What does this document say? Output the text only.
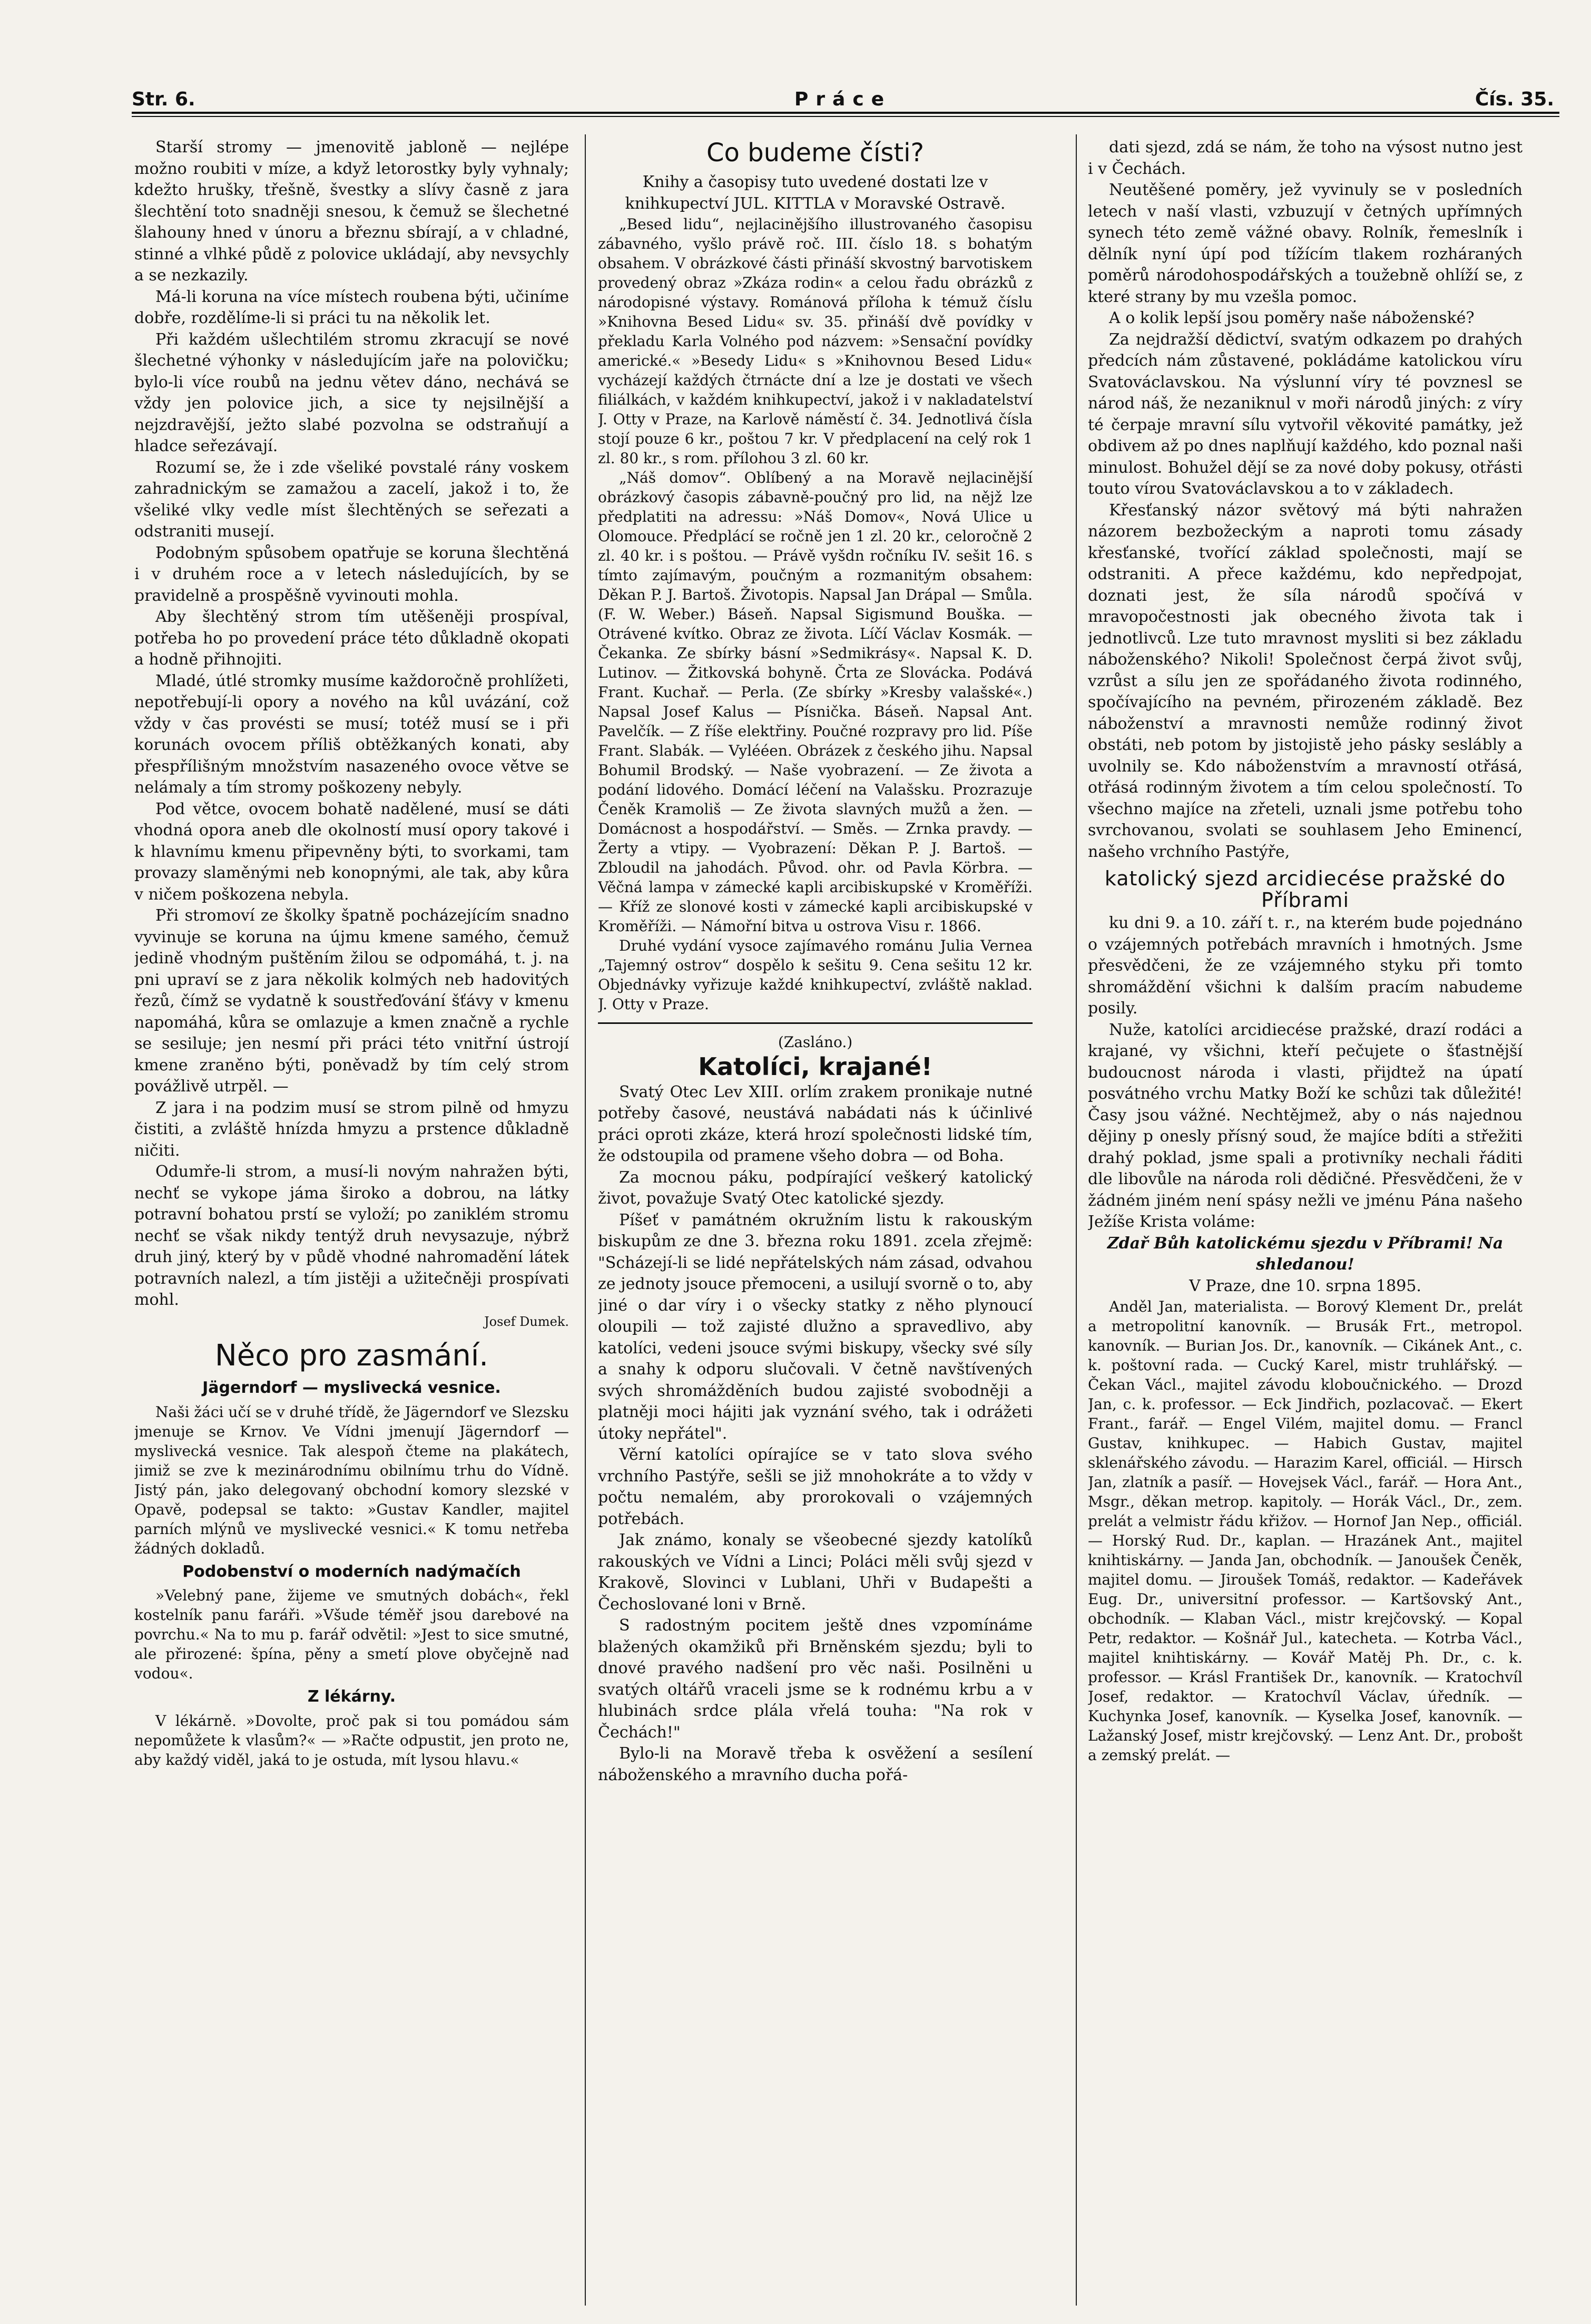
Str. 6.	Práce	Čís. 35.

Starší stromy — jmenovitě jabloně — nejlépe možno roubiti v míze, a když letorostky byly vyhnaly; kdežto hrušky, třešně, švestky a slívy časně z jara šlechtění toto snadněji snesou, k čemuž se šlechetné šlahouny hned v únoru a březnu sbírají, a v chladné, stinné a vlhké půdě z polovice ukládají, aby nevsychly a se nezkazily.

Má-li koruna na více místech roubena býti, učiníme dobře, rozdělíme-li si práci tu na několik let.

Při každém ušlechtilém stromu zkracují se nové šlechetné výhonky v následujícím jaře na polovičku; bylo-li více roubů na jednu větev dáno, nechává se vždy jen polovice jich, a sice ty nejsilnější a nejzdravější, ježto slabé pozvolna se odstraňují a hladce seřezávají.

Rozumí se, že i zde všeliké povstalé rány voskem zahradnickým se zamažou a zacelí, jakož i to, že všeliké vlky vedle míst šlechtěných se seřezati a odstraniti musejí.

Podobným spůsobem opatřuje se koruna šlechtěná i v druhém roce a v letech následujících, by se pravidelně a prospěšně vyvinouti mohla.

Aby šlechtěný strom tím utěšeněji prospíval, potřeba ho po provedení práce této důkladně okopati a hodně přihnojiti.

Mladé, útlé stromky musíme každoročně prohlížeti, nepotřebují-li opory a nového na kůl uvázání, což vždy v čas provésti se musí; totéž musí se i při korunách ovocem příliš obtěžkaných konati, aby přespřílišným množstvím nasazeného ovoce větve se nelámaly a tím stromy poškozeny nebyly.

Pod větce, ovocem bohatě nadělené, musí se dáti vhodná opora aneb dle okolností musí opory takové i k hlavnímu kmenu připevněny býti, to svorkami, tam provazy slaměnými neb konopnými, ale tak, aby kůra v ničem poškozena nebyla.

Při stromoví ze školky špatně pocházejícím snadno vyvinuje se koruna na újmu kmene samého, čemuž jedině vhodným puštěním žilou se odpomáhá, t. j. na pni upraví se z jara několik kolmých neb hadovitých řezů, čímž se vydatně k soustřeďování šťávy v kmenu napomáhá, kůra se omlazuje a kmen značně a rychle se sesiluje; jen nesmí při práci této vnitřní ústrojí kmene zraněno býti, poněvadž by tím celý strom povážlivě utrpěl. —

Z jara i na podzim musí se strom pilně od hmyzu čistiti, a zvláště hnízda hmyzu a prstence důkladně ničiti.

Odumře-li strom, a musí-li novým nahražen býti, nechť se vykope jáma široko a dobrou, na látky potravní bohatou prstí se vyloží; po zaniklém stromu nechť se však nikdy tentýž druh nevysazuje, nýbrž druh jiný, který by v půdě vhodné nahromadění látek potravních nalezl, a tím jistěji a užitečněji prospívati mohl.

Josef Dumek.
Něco pro zasmání.
Jägerndorf — myslivecká vesnice.

Naši žáci učí se v druhé třídě, že Jägerndorf ve Slezsku jmenuje se Krnov. Ve Vídni jmenují Jägerndorf — myslivecká vesnice. Tak alespoň čteme na plakátech, jimiž se zve k mezinárodnímu obilnímu trhu do Vídně. Jistý pán, jako delegovaný obchodní komory slezské v Opavě, podepsal se takto: »Gustav Kandler, majitel parních mlýnů ve myslivecké vesnici.« K tomu netřeba žádných dokladů.

Podobenství o moderních nadýmačích

»Velebný pane, žijeme ve smutných dobách«, řekl kostelník panu faráři. »Všude téměř jsou darebové na povrchu.« Na to mu p. farář odvětil: »Jest to sice smutné, ale přirozené: špína, pěny a smetí plove obyčejně nad vodou«.

Z lékárny.

V lékárně. »Dovolte, proč pak si tou pomádou sám nepomůžete k vlasům?« — »Račte odpustit, jen proto ne, aby každý viděl, jaká to je ostuda, mít lysou hlavu.«

Co budeme čísti?

Knihy a časopisy tuto uvedené dostati lze v knihkupectví JUL. KITTLA v Moravské Ostravě.

„Besed lidu“, nejlacinějšího illustrovaného časopisu zábavného, vyšlo právě roč. III. číslo 18. s bohatým obsahem. V obrázkové části přináší skvostný barvotiskem provedený obraz »Zkáza rodin« a celou řadu obrázků z národopisné výstavy. Románová příloha k témuž číslu »Knihovna Besed Lidu« sv. 35. přináší dvě povídky v překladu Karla Volného pod názvem: »Sensační povídky americké.« »Besedy Lidu« s »Knihovnou Besed Lidu« vycházejí každých čtrnácte dní a lze je dostati ve všech filiálkách, v každém knihkupectví, jakož i v nakladatelství J. Otty v Praze, na Karlově náměstí č. 34. Jednotlivá čísla stojí pouze 6 kr., poštou 7 kr. V předplacení na celý rok 1 zl. 80 kr., s rom. přílohou 3 zl. 60 kr.

„Náš domov“. Oblíbený a na Moravě nejlacinější obrázkový časopis zábavně-poučný pro lid, na nějž lze předplatiti na adressu: »Náš Domov«, Nová Ulice u Olomouce. Předplácí se ročně jen 1 zl. 20 kr., celoročně 2 zl. 40 kr. i s poštou. — Právě vyšdn ročníku IV. sešit 16. s tímto zajímavým, poučným a rozmanitým obsahem: Děkan P. J. Bartoš. Životopis. Napsal Jan Drápal — Smůla. (F. W. Weber.) Báseň. Napsal Sigismund Bouška. — Otrávené kvítko. Obraz ze života. Líčí Václav Kosmák. — Čekanka. Ze sbírky básní »Sedmikrásy«. Napsal K. D. Lutinov. — Žitkovská bohyně. Črta ze Slovácka. Podává Frant. Kuchař. — Perla. (Ze sbírky »Kresby valašské«.) Napsal Josef Kalus — Písnička. Báseň. Napsal Ant. Pavelčík. — Z říše elektřiny. Poučné rozpravy pro lid. Píše Frant. Slabák. — Vylééen. Obrázek z českého jihu. Napsal Bohumil Brodský. — Naše vyobrazení. — Ze života a podání lidového. Domácí léčení na Valašsku. Prozrazuje Čeněk Kramoliš — Ze života slavných mužů a žen. — Domácnost a hospodářství. — Směs. — Zrnka pravdy. — Žerty a vtipy. — Vyobrazení: Děkan P. J. Bartoš. — Zbloudil na jahodách. Původ. ohr. od Pavla Körbra. — Věčná lampa v zámecké kapli arcibiskupské v Kroměříži. — Kříž ze slonové kosti v zámecké kapli arcibiskupské v Kroměříži. — Námořní bitva u ostrova Visu r. 1866.

Druhé vydání vysoce zajímavého románu Julia Vernea „Tajemný ostrov“ dospělo k sešitu 9. Cena sešitu 12 kr. Objednávky vyřizuje každé knihkupectví, zvláště naklad. J. Otty v Praze.

(Zasláno.)
Katolíci, krajané!

Svatý Otec Lev XIII. orlím zrakem pronikaje nutné potřeby časové, neustává nabádati nás k účinlivé práci oproti zkáze, která hrozí společnosti lidské tím, že odstoupila od pramene všeho dobra — od Boha.

Za mocnou páku, podpírající veškerý katolický život, považuje Svatý Otec katolické sjezdy.

Píšeť v památném okružním listu k rakouským biskupům ze dne 3. března roku 1891. zcela zřejmě: "Scházejí-li se lidé nepřátelských nám zásad, odvahou ze jednoty jsouce přemoceni, a usilují svorně o to, aby jiné o dar víry i o všecky statky z něho plynoucí oloupili — tož zajisté dlužno a spravedlivo, aby katolíci, vedeni jsouce svými biskupy, všecky své síly a snahy k odporu slučovali. V četně navštívených svých shromážděních budou zajisté svobodněji a platněji moci hájiti jak vyznání svého, tak i odrážeti útoky nepřátel".

Věrní katolíci opírajíce se v tato slova svého vrchního Pastýře, sešli se již mnohokráte a to vždy v počtu nemalém, aby prorokovali o vzájemných potřebách.

Jak známo, konaly se všeobecné sjezdy katolíků rakouských ve Vídni a Linci; Poláci měli svůj sjezd v Krakově, Slovinci v Lublani, Uhři v Budapešti a Čechoslované loni v Brně.

S radostným pocitem ještě dnes vzpomínáme blažených okamžiků při Brněnském sjezdu; byli to dnové pravého nadšení pro věc naši. Posilněni u svatých oltářů vraceli jsme se k rodnému krbu a v hlubinách srdce plála vřelá touha: "Na rok v Čechách!"

Bylo-li na Moravě třeba k osvěžení a sesílení náboženského a mravního ducha pořá-

dati sjezd, zdá se nám, že toho na výsost nutno jest i v Čechách.

Neutěšené poměry, jež vyvinuly se v posledních letech v naší vlasti, vzbuzují v četných upřímných synech této země vážné obavy. Rolník, řemeslník i dělník nyní úpí pod tížícím tlakem rozháraných poměrů národohospodářských a toužebně ohlíží se, z které strany by mu vzešla pomoc.

A o kolik lepší jsou poměry naše náboženské?

Za nejdražší dědictví, svatým odkazem po drahých předcích nám zůstavené, pokládáme katolickou víru Svatováclavskou. Na výslunní víry té povznesl se národ náš, že nezaniknul v moři národů jiných: z víry té čerpaje mravní sílu vytvořil věkovité památky, jež obdivem až po dnes naplňují každého, kdo poznal naši minulost. Bohužel dějí se za nové doby pokusy, otřásti touto vírou Svatováclavskou a to v základech.

Křesťanský názor světový má býti nahražen názorem bezbožeckým a naproti tomu zásady křesťanské, tvořící základ společnosti, mají se odstraniti. A přece každému, kdo nepředpojat, doznati jest, že síla národů spočívá v mravopočestnosti jak obecného života tak i jednotlivců. Lze tuto mravnost mysliti si bez základu náboženského? Nikoli! Společnost čerpá život svůj, vzrůst a sílu jen ze spořádaného života rodinného, spočívajícího na pevném, přirozeném základě. Bez náboženství a mravnosti nemůže rodinný život obstáti, neb potom by jistojistě jeho pásky seslábly a uvolnily se. Kdo náboženstvím a mravností otřásá, otřásá rodinným životem a tím celou společností. To všechno majíce na zřeteli, uznali jsme potřebu toho svrchovanou, svolati se souhlasem Jeho Eminencí, našeho vrchního Pastýře,

katolický sjezd arcidiecése pražské do Příbrami

ku dni 9. a 10. září t. r., na kterém bude pojednáno o vzájemných potřebách mravních i hmotných. Jsme přesvědčeni, že ze vzájemného styku při tomto shromáždění všichni k dalším pracím nabudeme posily.

Nuže, katolíci arcidiecése pražské, drazí rodáci a krajané, vy všichni, kteří pečujete o šťastnější budoucnost národa i vlasti, přijdtež na úpatí posvátného vrchu Matky Boží ke schůzi tak důležité! Časy jsou vážné. Nechtějmež, aby o nás najednou dějiny p onesly přísný soud, že majíce bdíti a střežiti drahý poklad, jsme spali a protivníky nechali řáditi dle libovůle na národa roli dědičné. Přesvědčeni, že v žádném jiném není spásy nežli ve jménu Pána našeho Ježíše Krista voláme:

Zdař Bůh katolickému sjezdu v Příbrami! Na shledanou!

V Praze, dne 10. srpna 1895.

Anděl Jan, materialista. — Borový Klement Dr., prelát a metropolitní kanovník. — Brusák Frt., metropol. kanovník. — Burian Jos. Dr., kanovník. — Cikánek Ant., c. k. poštovní rada. — Cucký Karel, mistr truhlářský. — Čekan Václ., majitel závodu kloboučnického. — Drozd Jan, c. k. professor. — Eck Jindřich, pozlacovač. — Ekert Frant., farář. — Engel Vilém, majitel domu. — Francl Gustav, knihkupec. — Habich Gustav, majitel sklenářského závodu. — Harazim Karel, officiál. — Hirsch Jan, zlatník a pasíř. — Hovejsek Václ., farář. — Hora Ant., Msgr., děkan metrop. kapitoly. — Horák Václ., Dr., zem. prelát a velmistr řádu křižov. — Hornof Jan Nep., officiál. — Horský Rud. Dr., kaplan. — Hrazánek Ant., majitel knihtiskárny. — Janda Jan, obchodník. — Janoušek Čeněk, majitel domu. — Jiroušek Tomáš, redaktor. — Kadeřávek Eug. Dr., universitní professor. — Kartšovský Ant., obchodník. — Klaban Václ., mistr krejčovský. — Kopal Petr, redaktor. — Košnář Jul., katecheta. — Kotrba Václ., majitel knihtiskárny. — Kovář Matěj Ph. Dr., c. k. professor. — Krásl František Dr., kanovník. — Kratochvíl Josef, redaktor. — Kratochvíl Václav, úředník. — Kuchynka Josef, kanovník. — Kyselka Josef, kanovník. — Lažanský Josef, mistr krejčovský. — Lenz Ant. Dr., probošt a zemský prelát. —
